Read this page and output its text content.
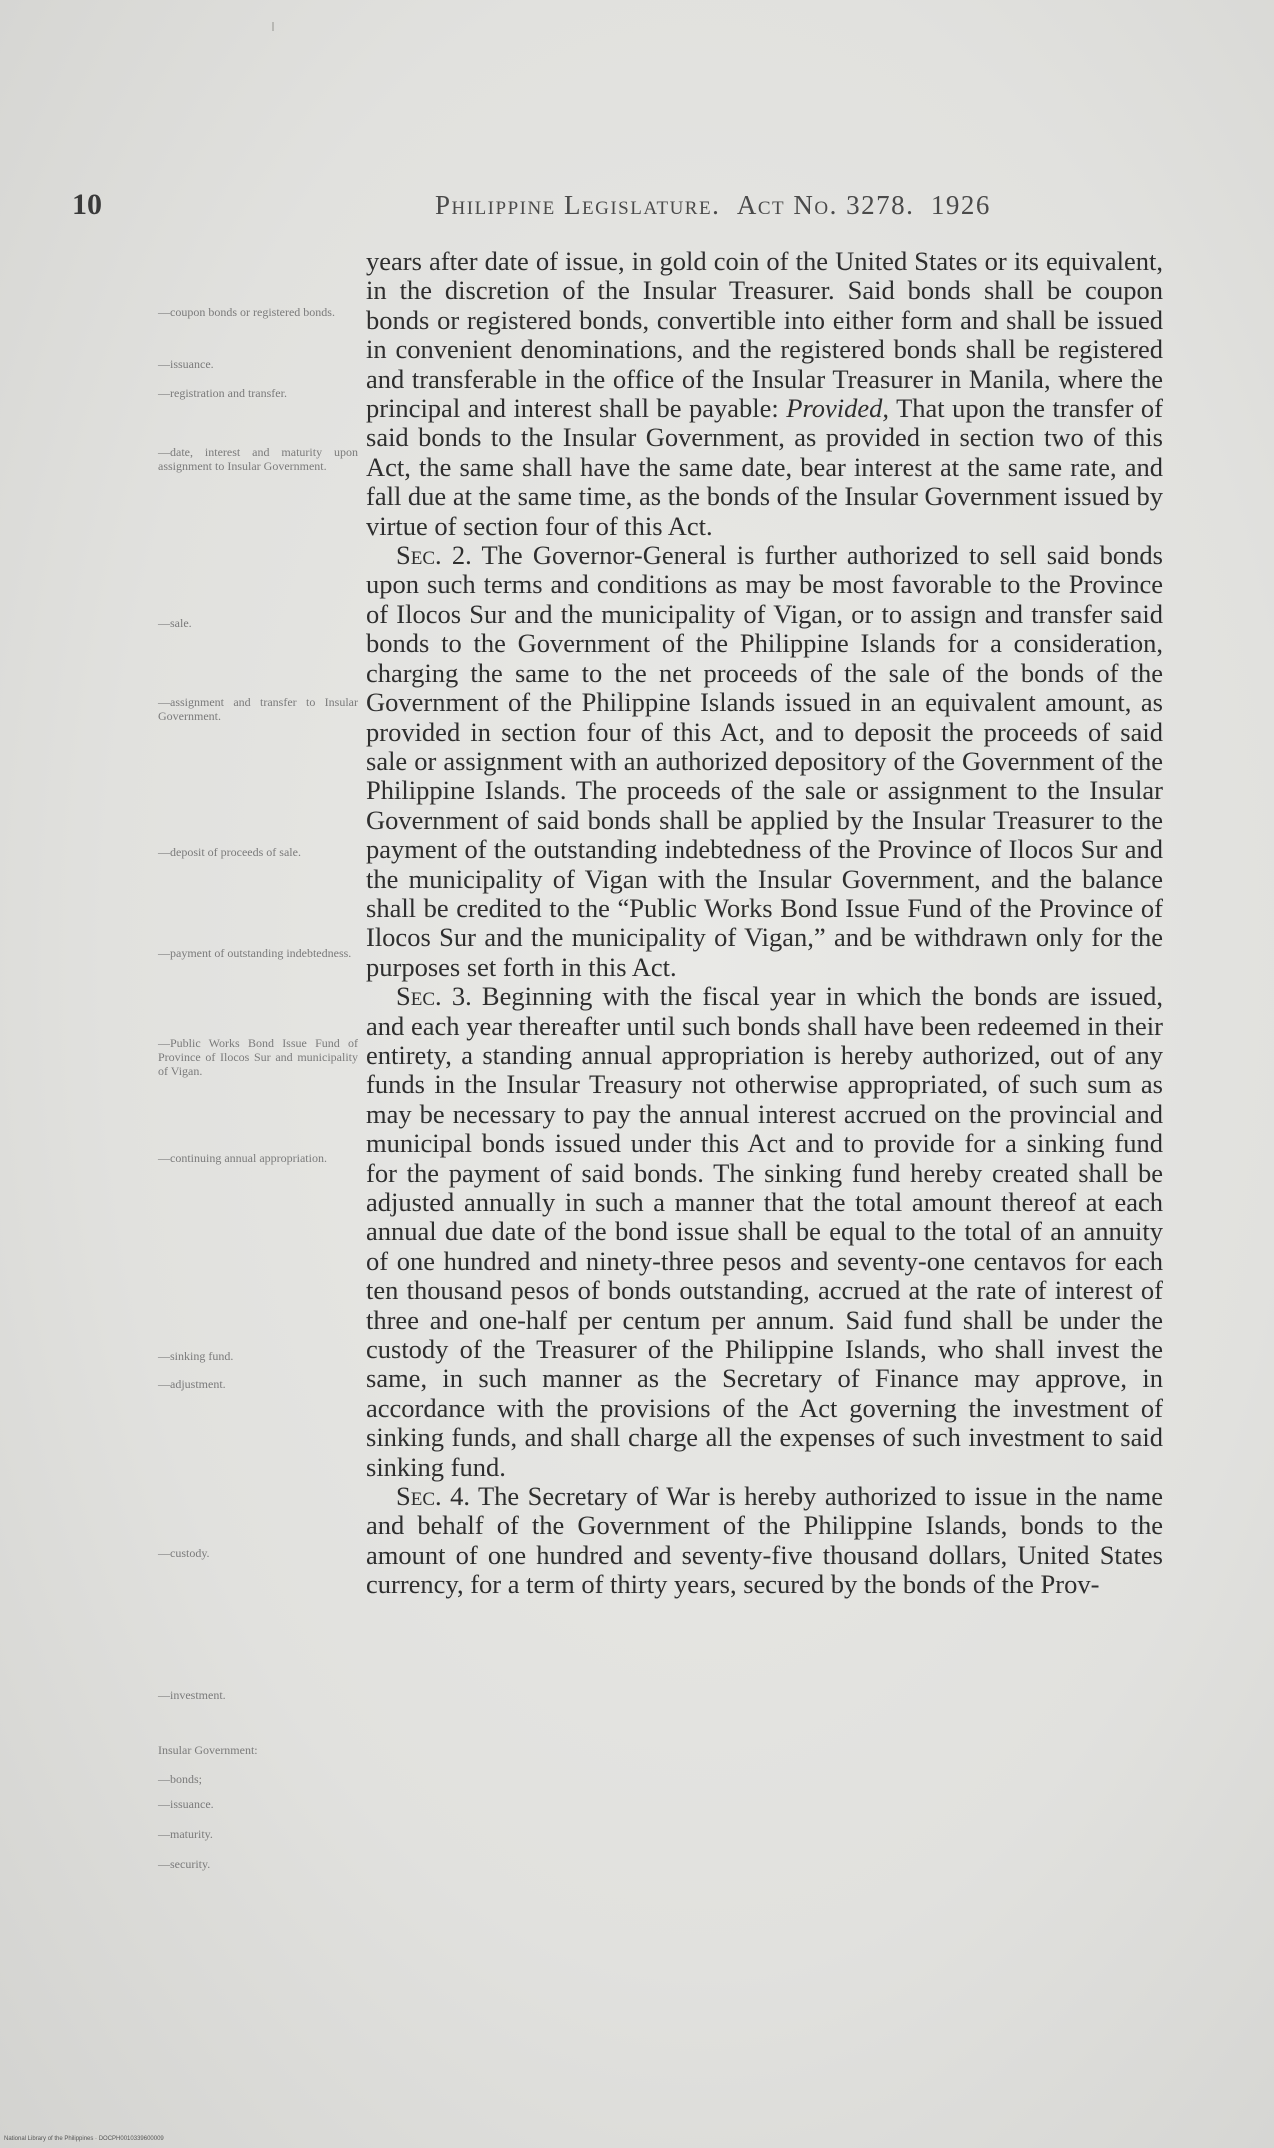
10	Philippine Legislature. Act No. 3278. 1926
—coupon bonds or registered bonds.
—issuance.
—registration and transfer.
—date, interest and maturity upon assignment to Insular Government.
—sale.
—assignment and transfer to Insular Government.
—deposit of proceeds of sale.
—payment of outstanding indebtedness.
—Public Works Bond Issue Fund of Province of Ilocos Sur and municipality of Vigan.
—continuing annual appropriation.
—sinking fund.
—adjustment.
—custody.
—investment.
Insular Government:
—bonds;
—issuance.
—maturity.
—security.

years after date of issue, in gold coin of the United States or its equivalent, in the discretion of the Insular Treasurer. Said bonds shall be coupon bonds or registered bonds, convertible into either form and shall be issued in convenient denominations, and the registered bonds shall be registered and transferable in the office of the Insular Treasurer in Manila, where the principal and interest shall be payable: Provided, That upon the transfer of said bonds to the Insular Government, as provided in section two of this Act, the same shall have the same date, bear interest at the same rate, and fall due at the same time, as the bonds of the Insular Government issued by virtue of section four of this Act.

Sec. 2. The Governor-General is further authorized to sell said bonds upon such terms and conditions as may be most favorable to the Province of Ilocos Sur and the municipality of Vigan, or to assign and transfer said bonds to the Government of the Philippine Islands for a consideration, charging the same to the net proceeds of the sale of the bonds of the Government of the Philippine Islands issued in an equivalent amount, as provided in section four of this Act, and to deposit the proceeds of said sale or assignment with an authorized depository of the Government of the Philippine Islands. The proceeds of the sale or assignment to the Insular Government of said bonds shall be applied by the Insular Treasurer to the payment of the outstanding indebtedness of the Province of Ilocos Sur and the municipality of Vigan with the Insular Government, and the balance shall be credited to the “Public Works Bond Issue Fund of the Province of Ilocos Sur and the municipality of Vigan,” and be withdrawn only for the purposes set forth in this Act.

Sec. 3. Beginning with the fiscal year in which the bonds are issued, and each year thereafter until such bonds shall have been redeemed in their entirety, a standing annual appropriation is hereby authorized, out of any funds in the Insular Treasury not otherwise appropriated, of such sum as may be necessary to pay the annual interest accrued on the provincial and municipal bonds issued under this Act and to provide for a sinking fund for the payment of said bonds. The sinking fund hereby created shall be adjusted annually in such a manner that the total amount thereof at each annual due date of the bond issue shall be equal to the total of an annuity of one hundred and ninety-three pesos and seventy-one centavos for each ten thousand pesos of bonds outstanding, accrued at the rate of interest of three and one-half per centum per annum. Said fund shall be under the custody of the Treasurer of the Philippine Islands, who shall invest the same, in such manner as the Secretary of Finance may approve, in accordance with the provisions of the Act governing the investment of sinking funds, and shall charge all the expenses of such investment to said sinking fund.

Sec. 4. The Secretary of War is hereby authorized to issue in the name and behalf of the Government of the Philippine Islands, bonds to the amount of one hundred and seventy-five thousand dollars, United States currency, for a term of thirty years, secured by the bonds of the Prov-

National Library of the Philippines · DOCPH0010339600009
